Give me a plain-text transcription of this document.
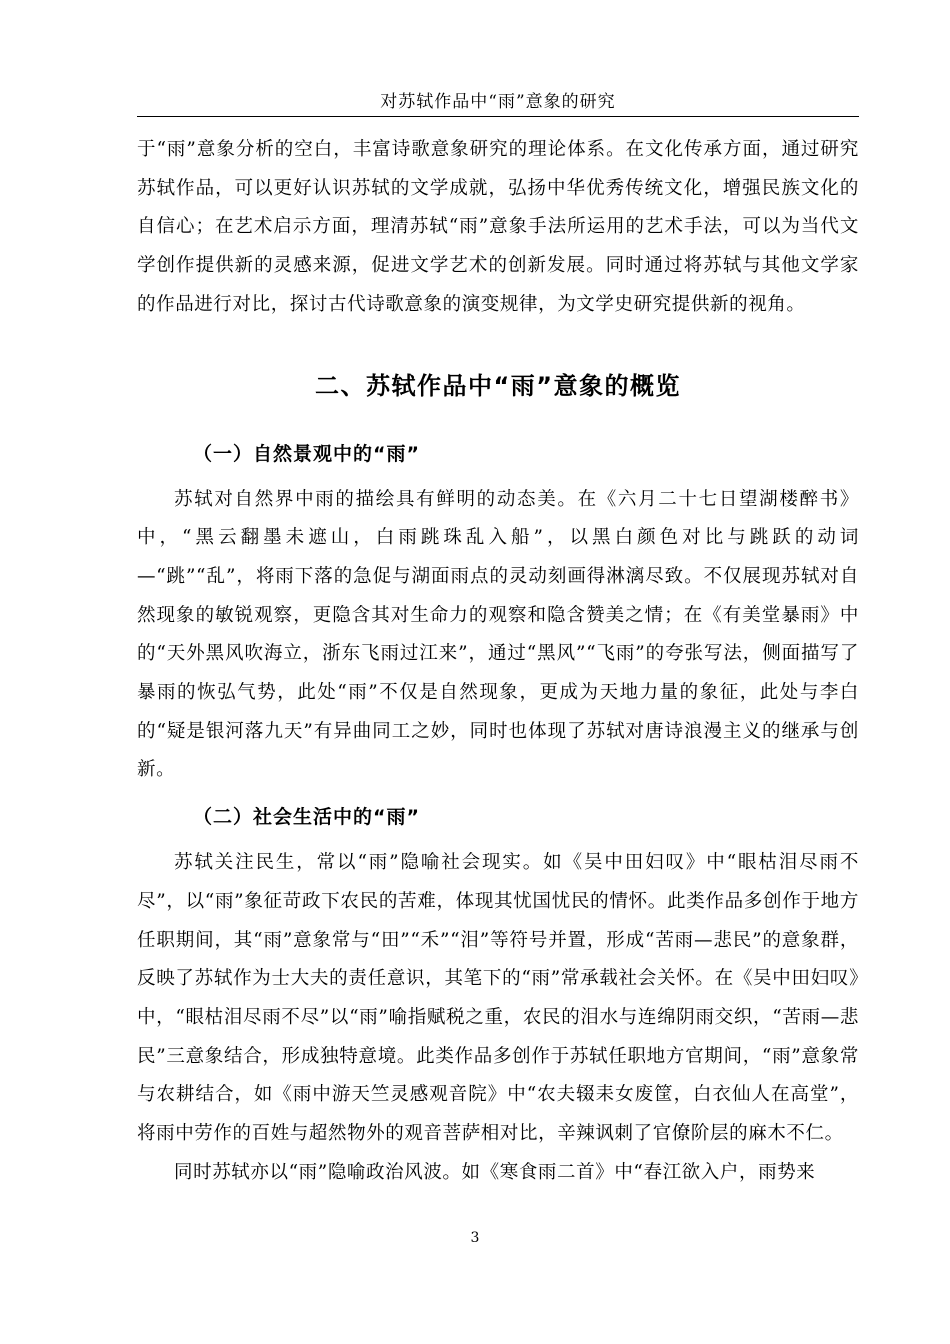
对苏轼作品中“雨”意象的研究

于“雨”意象分析的空白，丰富诗歌意象研究的理论体系。在文化传承方面，通过研究苏轼作品，可以更好认识苏轼的文学成就，弘扬中华优秀传统文化，增强民族文化的自信心；在艺术启示方面，理清苏轼“雨”意象手法所运用的艺术手法，可以为当代文学创作提供新的灵感来源，促进文学艺术的创新发展。同时通过将苏轼与其他文学家的作品进行对比，探讨古代诗歌意象的演变规律，为文学史研究提供新的视角。

二、苏轼作品中“雨”意象的概览
（一）自然景观中的“雨”

苏轼对自然界中雨的描绘具有鲜明的动态美。在《六月二十七日望湖楼醉书》中，“黑云翻墨未遮山，白雨跳珠乱入船”，以黑白颜色对比与跳跃的动词—“跳”“乱”，将雨下落的急促与湖面雨点的灵动刻画得淋漓尽致。不仅展现苏轼对自然现象的敏锐观察，更隐含其对生命力的观察和隐含赞美之情；在《有美堂暴雨》中的“天外黑风吹海立，浙东飞雨过江来”，通过“黑风”“飞雨”的夸张写法，侧面描写了暴雨的恢弘气势，此处“雨”不仅是自然现象，更成为天地力量的象征，此处与李白的“疑是银河落九天”有异曲同工之妙，同时也体现了苏轼对唐诗浪漫主义的继承与创新。

（二）社会生活中的“雨”

苏轼关注民生，常以“雨”隐喻社会现实。如《吴中田妇叹》中“眼枯泪尽雨不尽”，以“雨”象征苛政下农民的苦难，体现其忧国忧民的情怀。此类作品多创作于地方任职期间，其“雨”意象常与“田”“禾”“泪”等符号并置，形成“苦雨—悲民”的意象群，反映了苏轼作为士大夫的责任意识，其笔下的“雨”常承载社会关怀。在《吴中田妇叹》中，“眼枯泪尽雨不尽”以“雨”喻指赋税之重，农民的泪水与连绵阴雨交织，“苦雨—悲民”三意象结合，形成独特意境。此类作品多创作于苏轼任职地方官期间，“雨”意象常与农耕结合，如《雨中游天竺灵感观音院》中“农夫辍耒女废筐，白衣仙人在高堂”，将雨中劳作的百姓与超然物外的观音菩萨相对比，辛辣讽刺了官僚阶层的麻木不仁。

同时苏轼亦以“雨”隐喻政治风波。如《寒食雨二首》中“春江欲入户，雨势来

3
